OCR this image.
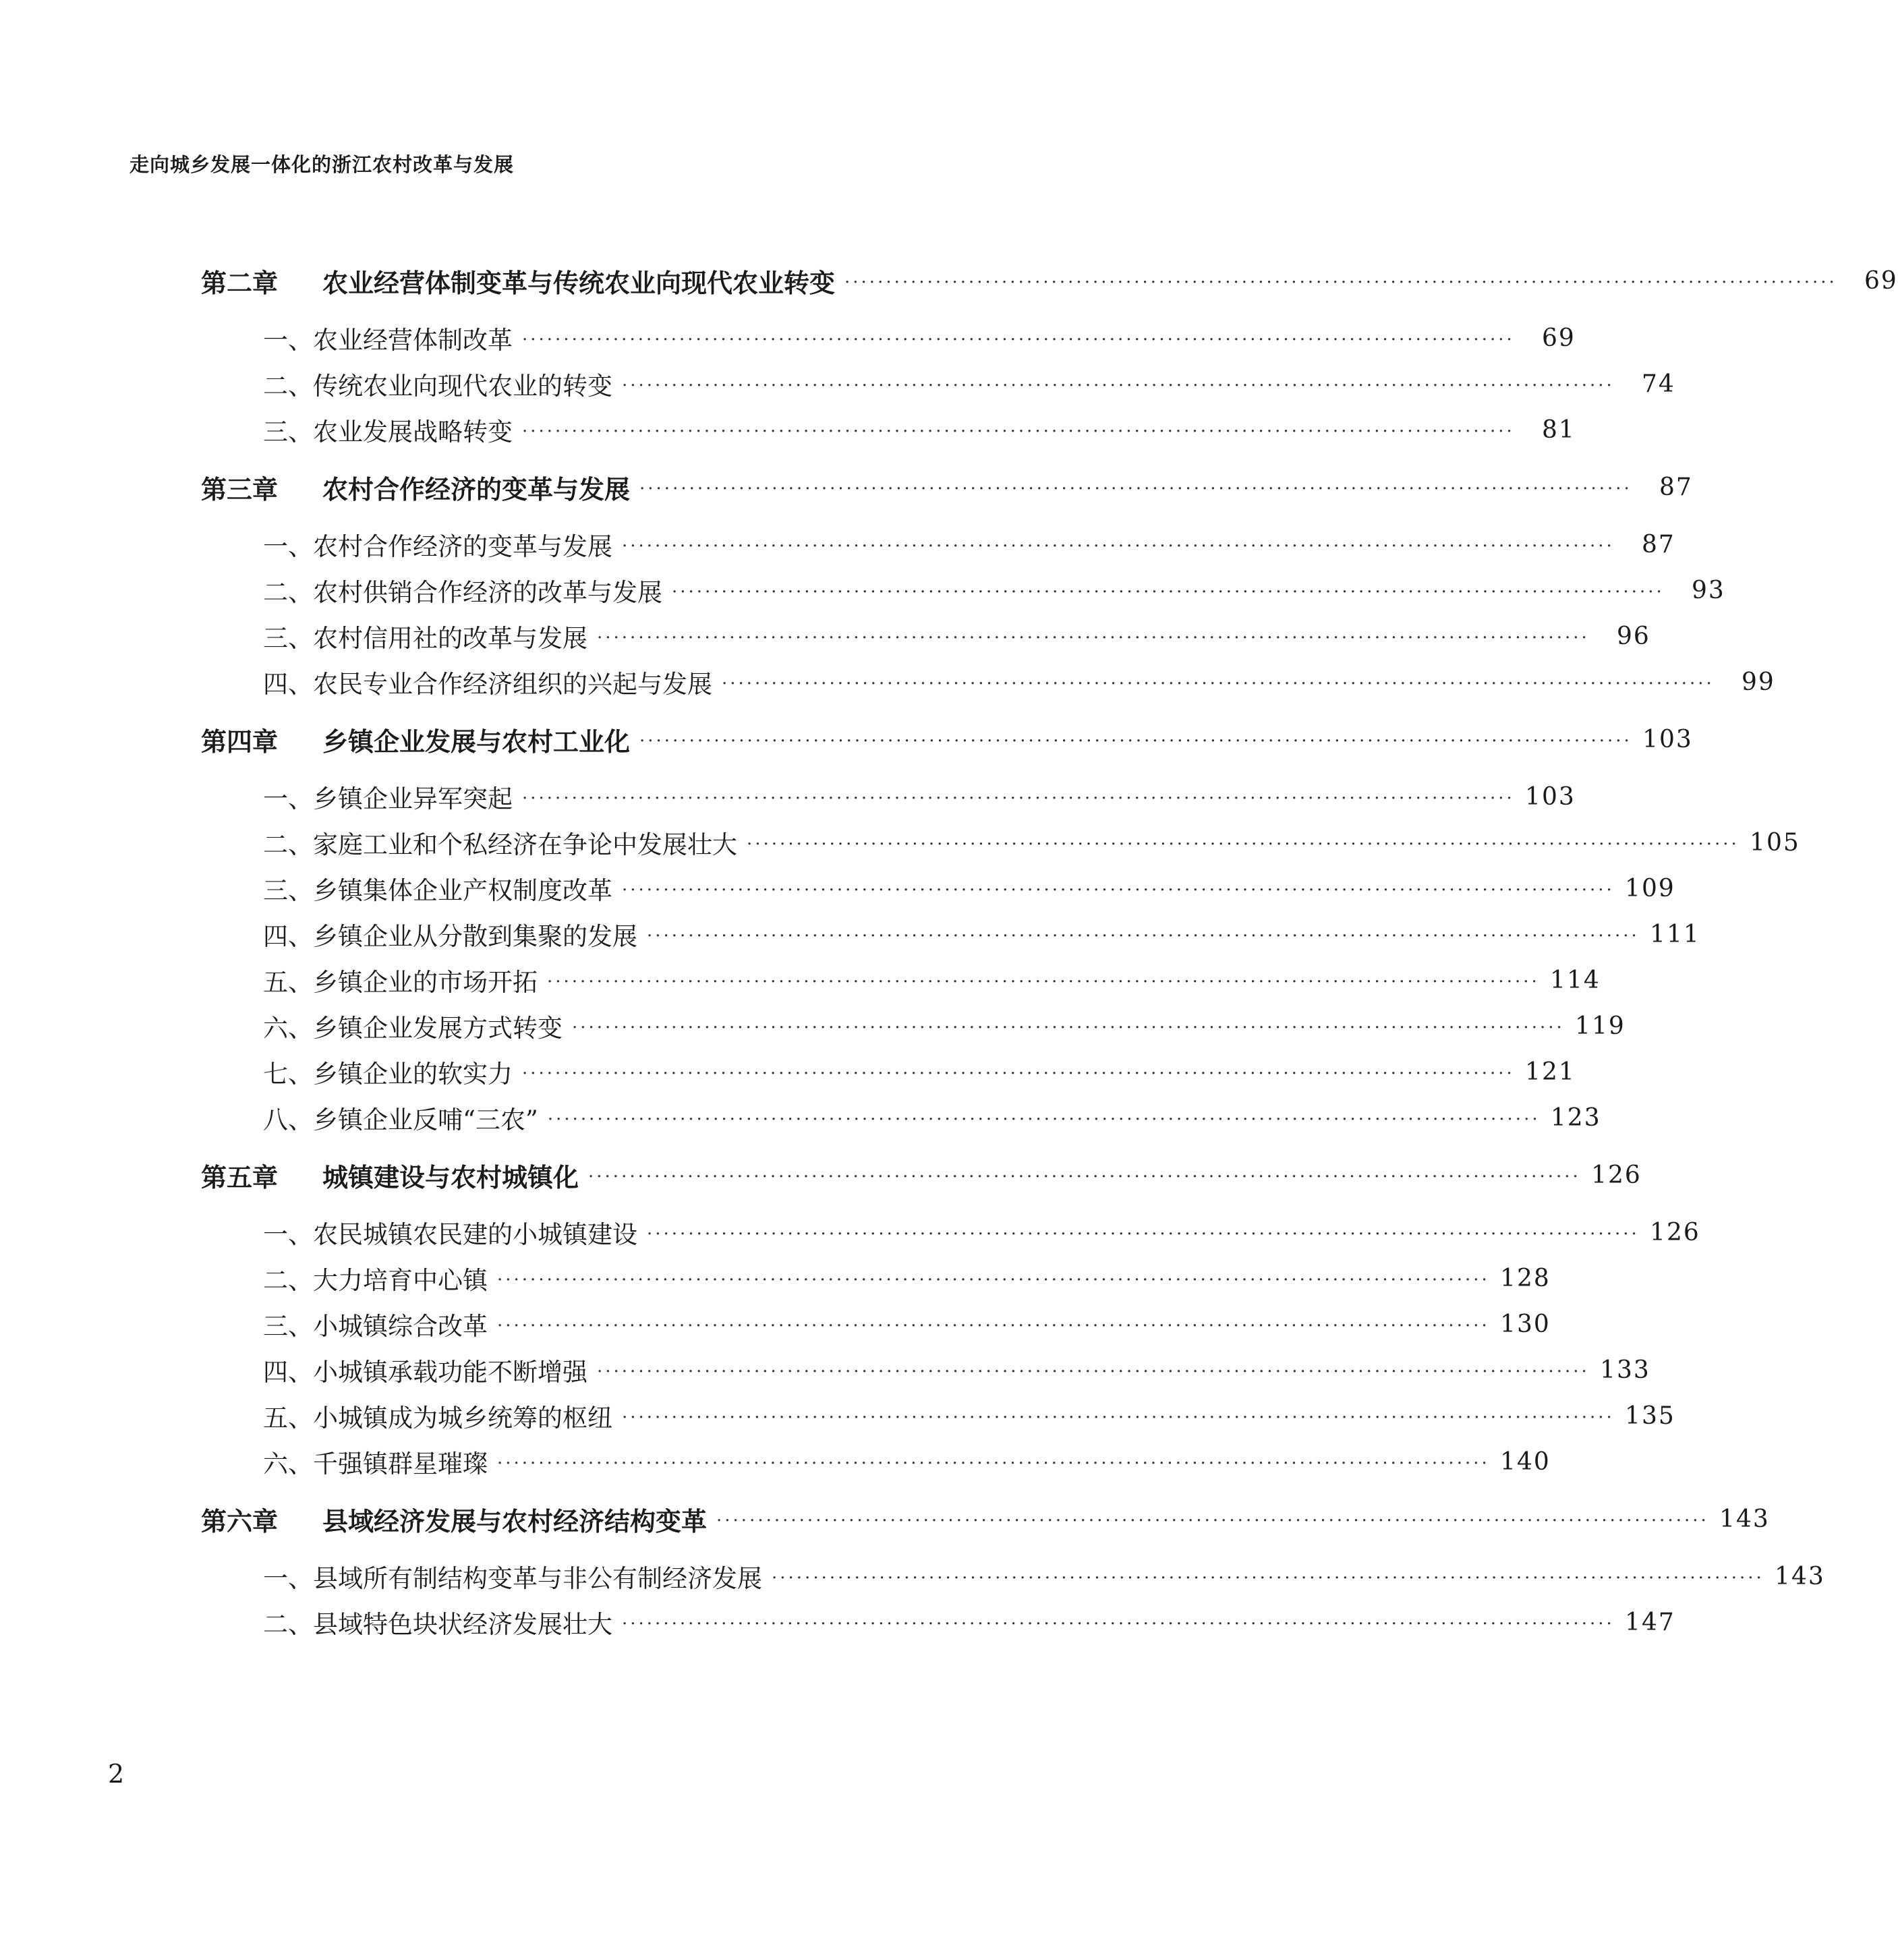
走向城乡发展一体化的浙江农村改革与发展
第二章	农业经营体制变革与传统农业向现代农业转变 ························································································································	69
一、农业经营体制改革 ························································································································	69
二、传统农业向现代农业的转变 ························································································································	74
三、农业发展战略转变 ························································································································	81
第三章	农村合作经济的变革与发展 ························································································································	87
一、农村合作经济的变革与发展 ························································································································	87
二、农村供销合作经济的改革与发展 ························································································································	93
三、农村信用社的改革与发展 ························································································································	96
四、农民专业合作经济组织的兴起与发展 ························································································································	99
第四章	乡镇企业发展与农村工业化 ························································································································ 103
一、乡镇企业异军突起 ························································································································ 103
二、家庭工业和个私经济在争论中发展壮大 ························································································································ 105
三、乡镇集体企业产权制度改革 ························································································································ 109
四、乡镇企业从分散到集聚的发展 ························································································································ 111
五、乡镇企业的市场开拓 ························································································································ 114
六、乡镇企业发展方式转变 ························································································································ 119
七、乡镇企业的软实力 ························································································································ 121
八、乡镇企业反哺“三农” ························································································································ 123
第五章	城镇建设与农村城镇化 ························································································································ 126
一、农民城镇农民建的小城镇建设 ························································································································ 126
二、大力培育中心镇 ························································································································ 128
三、小城镇综合改革 ························································································································ 130
四、小城镇承载功能不断增强 ························································································································ 133
五、小城镇成为城乡统筹的枢纽 ························································································································ 135
六、千强镇群星璀璨 ························································································································ 140
第六章	县域经济发展与农村经济结构变革 ························································································································ 143
一、县域所有制结构变革与非公有制经济发展 ························································································································ 143
二、县域特色块状经济发展壮大 ························································································································ 147
2
